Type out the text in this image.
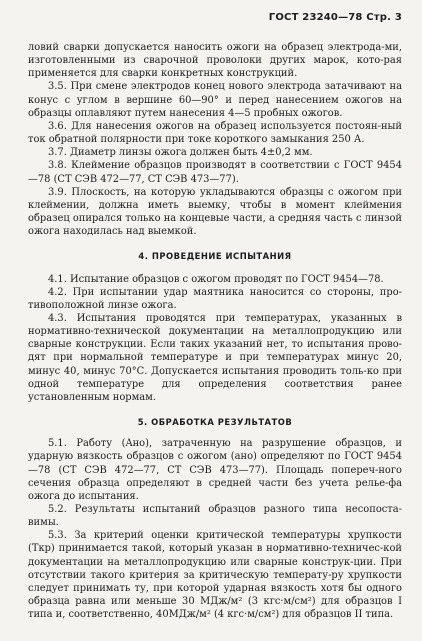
ГОСТ 23240—78 Стр. 3

ловий сварки допускается наносить ожоги на образец электрода-ми, изготовленными из сварочной проволоки других марок, кото-рая применяется для сварки конкретных конструкций.

3.5. При смене электродов конец нового электрода затачивают на конус с углом в вершине 60—90° и перед нанесением ожогов на образцы оплавляют путем нанесения 4—5 пробных ожогов.

3.6. Для нанесения ожогов на образец используется постоян-ный ток обратной полярности при токе короткого замыкания 250 А.

3.7. Диаметр линзы ожога должен быть 4±0,2 мм.

3.8. Клеймение образцов производят в соответствии с ГОСТ 9454—78 (СТ СЭВ 472—77, СТ СЭВ 473—77).

3.9. Плоскость, на которую укладываются образцы с ожогом при клеймении, должна иметь выемку, чтобы в момент клеймения образец опирался только на концевые части, а средняя часть с линзой ожога находилась над выемкой.

4. ПРОВЕДЕНИЕ ИСПЫТАНИЯ

4.1. Испытание образцов с ожогом проводят по ГОСТ 9454—78.

4.2. При испытании удар маятника наносится со стороны, про-тивоположной линзе ожога.

4.3. Испытания проводятся при температурах, указанных в нормативно-технической документации на металлопродукцию или сварные конструкции. Если таких указаний нет, то испытания прово-дят при нормальной температуре и при температурах минус 20, минус 40, минус 70°С. Допускается испытания проводить толь-ко при одной температуре для определения соответствия ранее установленным нормам.

5. ОБРАБОТКА РЕЗУЛЬТАТОВ

5.1. Работу (Aно), затраченную на разрушение образцов, и ударную вязкость образцов с ожогом (aно) определяют по ГОСТ 9454—78 (СТ СЭВ 472—77, СТ СЭВ 473—77). Площадь попереч-ного сечения образца определяют в средней части без учета релье-фа ожога до испытания.

5.2. Результаты испытаний образцов разного типа несопоста-вимы.

5.3. За критерий оценки критической температуры хрупкости (Tкр) принимается такой, который указан в нормативно-техничес-кой документации на металлопродукцию или сварные конструк-ции. При отсутствии такого критерия за критическую температу-ру хрупкости следует принимать ту, при которой ударная вязкость хотя бы одного образца равна или меньше 30 МДж/м² (3 кгс·м/см²) для образцов I типа и, соответственно, 40МДж/м² (4 кгс·м/см²) для образцов II типа.
